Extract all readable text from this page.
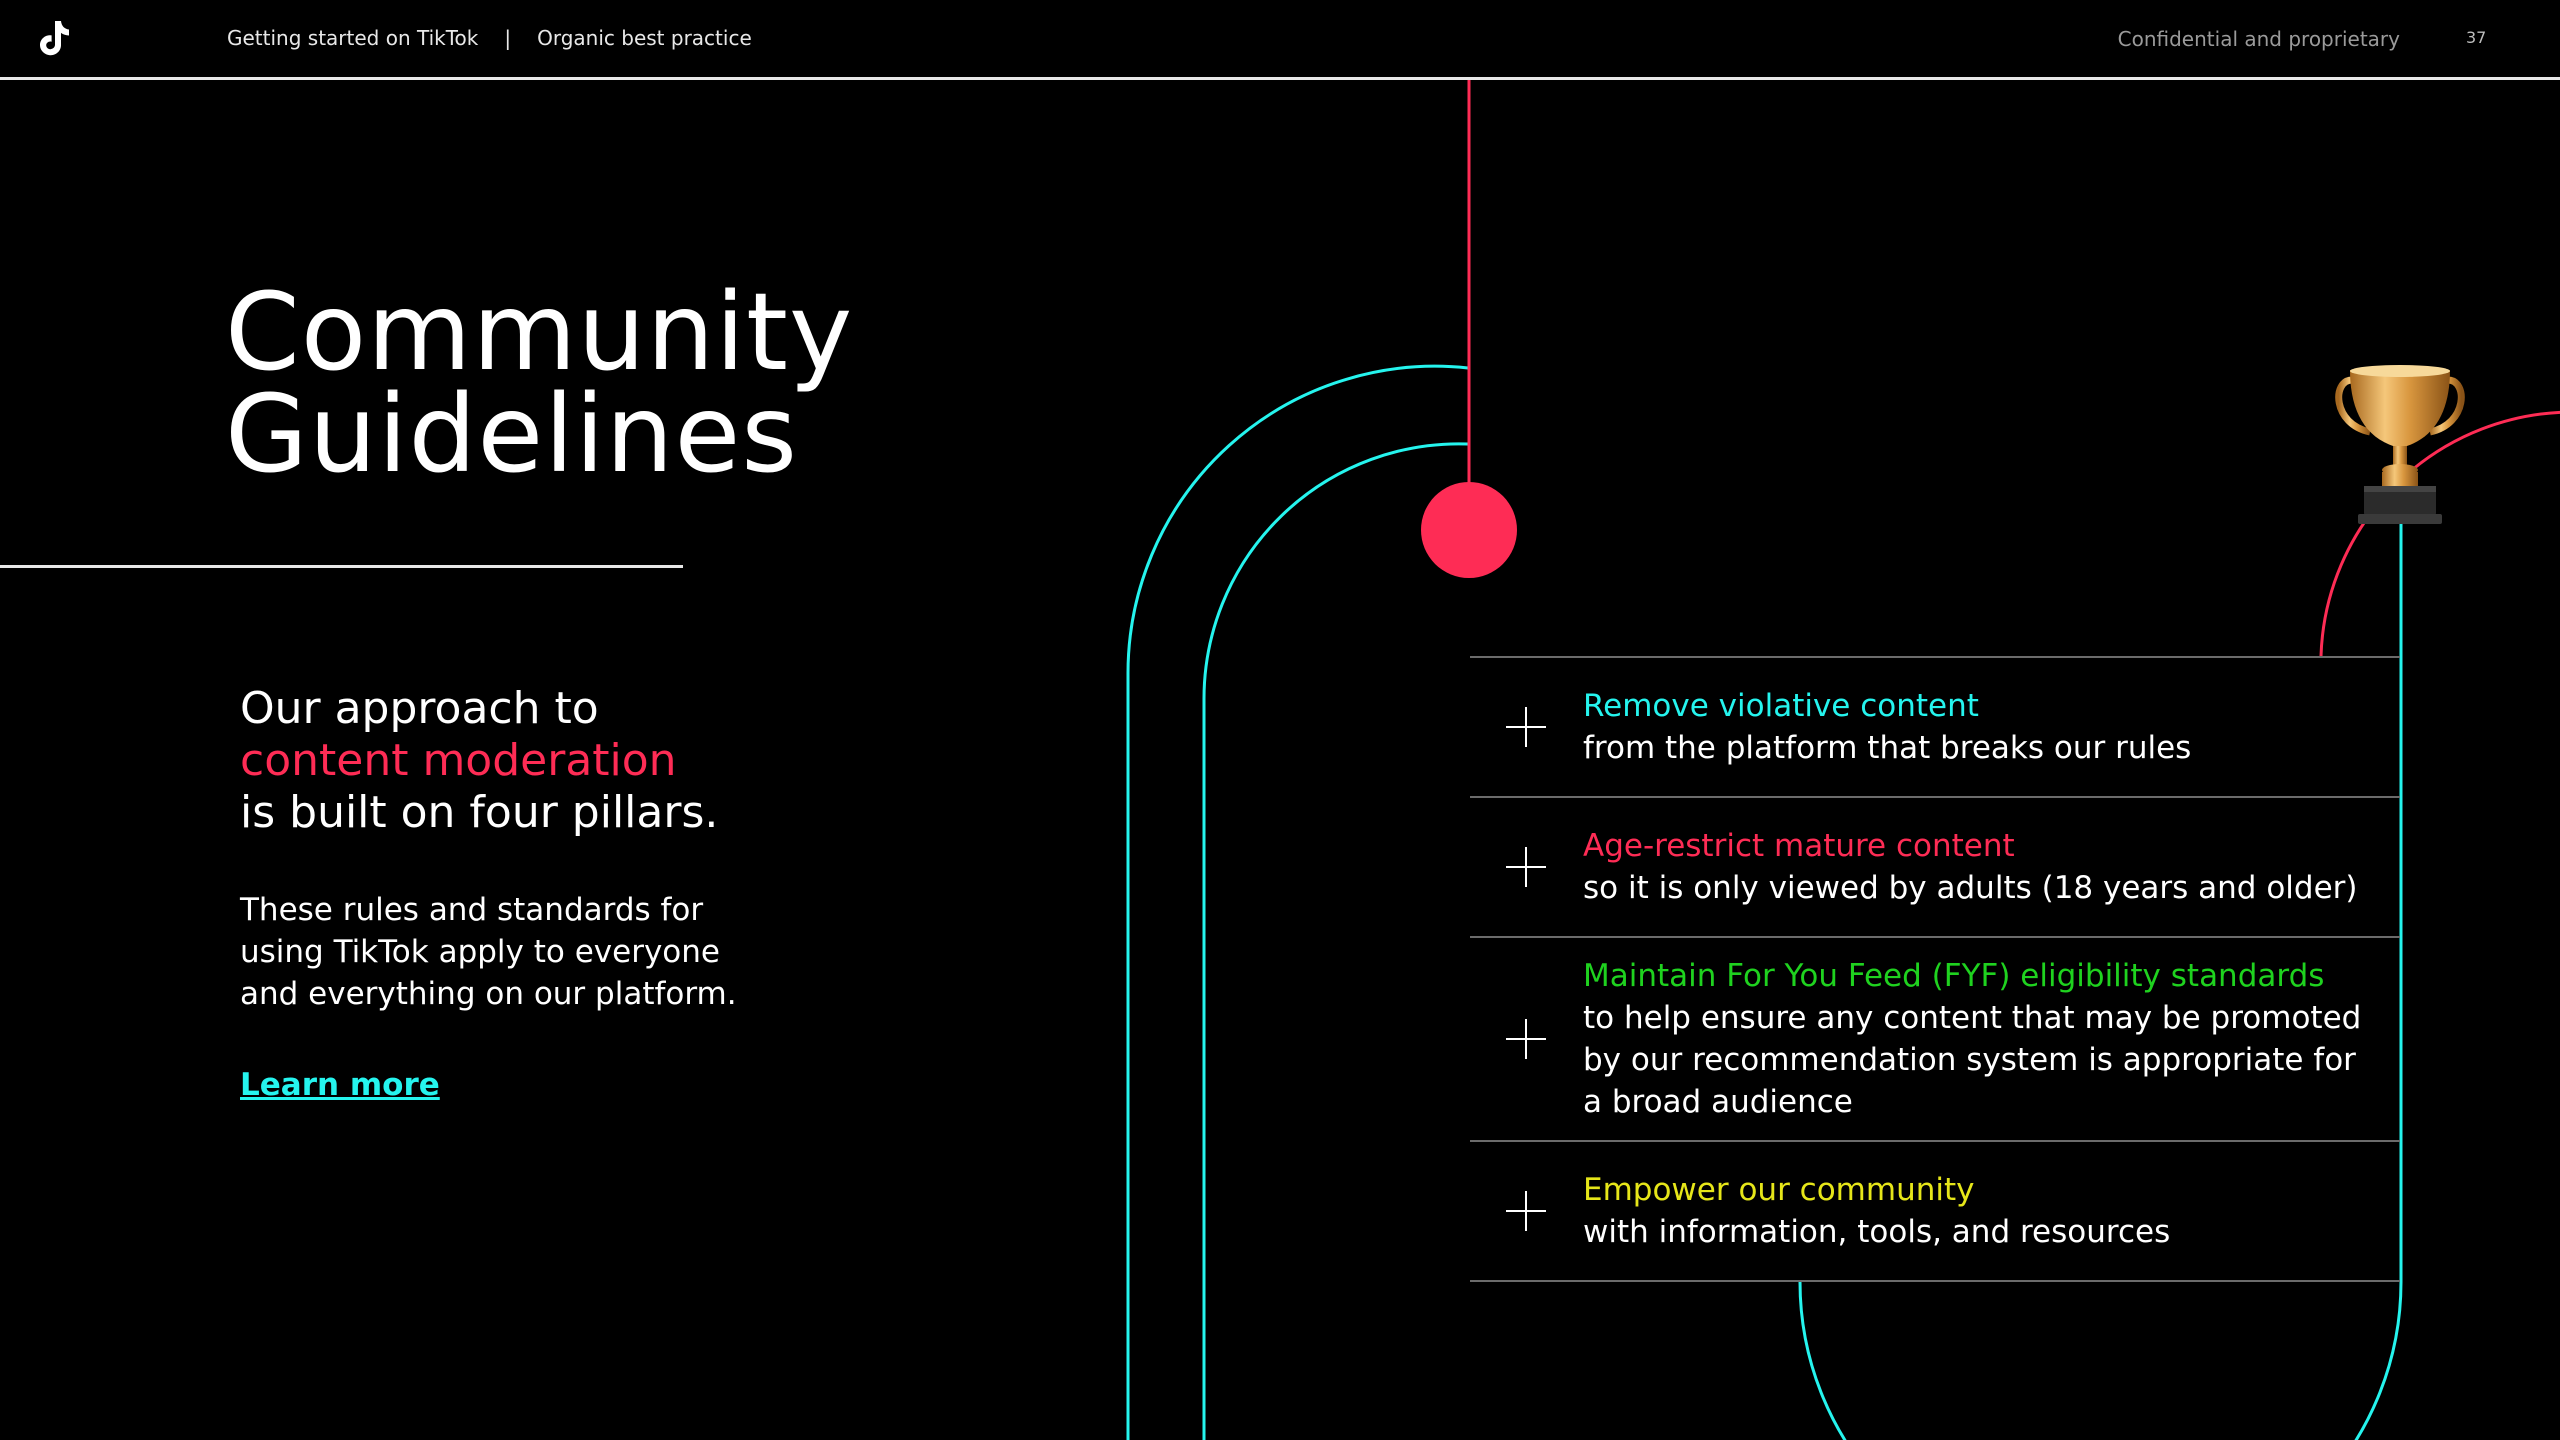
Getting started on TikTok | Organic best practice	Confidential and proprietary	37
Community
Guidelines
Our approach to
content moderation
is built on four pillars.
These rules and standards for
using TikTok apply to everyone
and everything on our platform.
Learn more
Remove violative content
from the platform that breaks our rules
Age-restrict mature content
so it is only viewed by adults (18 years and older)
Maintain For You Feed (FYF) eligibility standards
to help ensure any content that may be promoted
by our recommendation system is appropriate for
a broad audience
Empower our community
with information, tools, and resources
